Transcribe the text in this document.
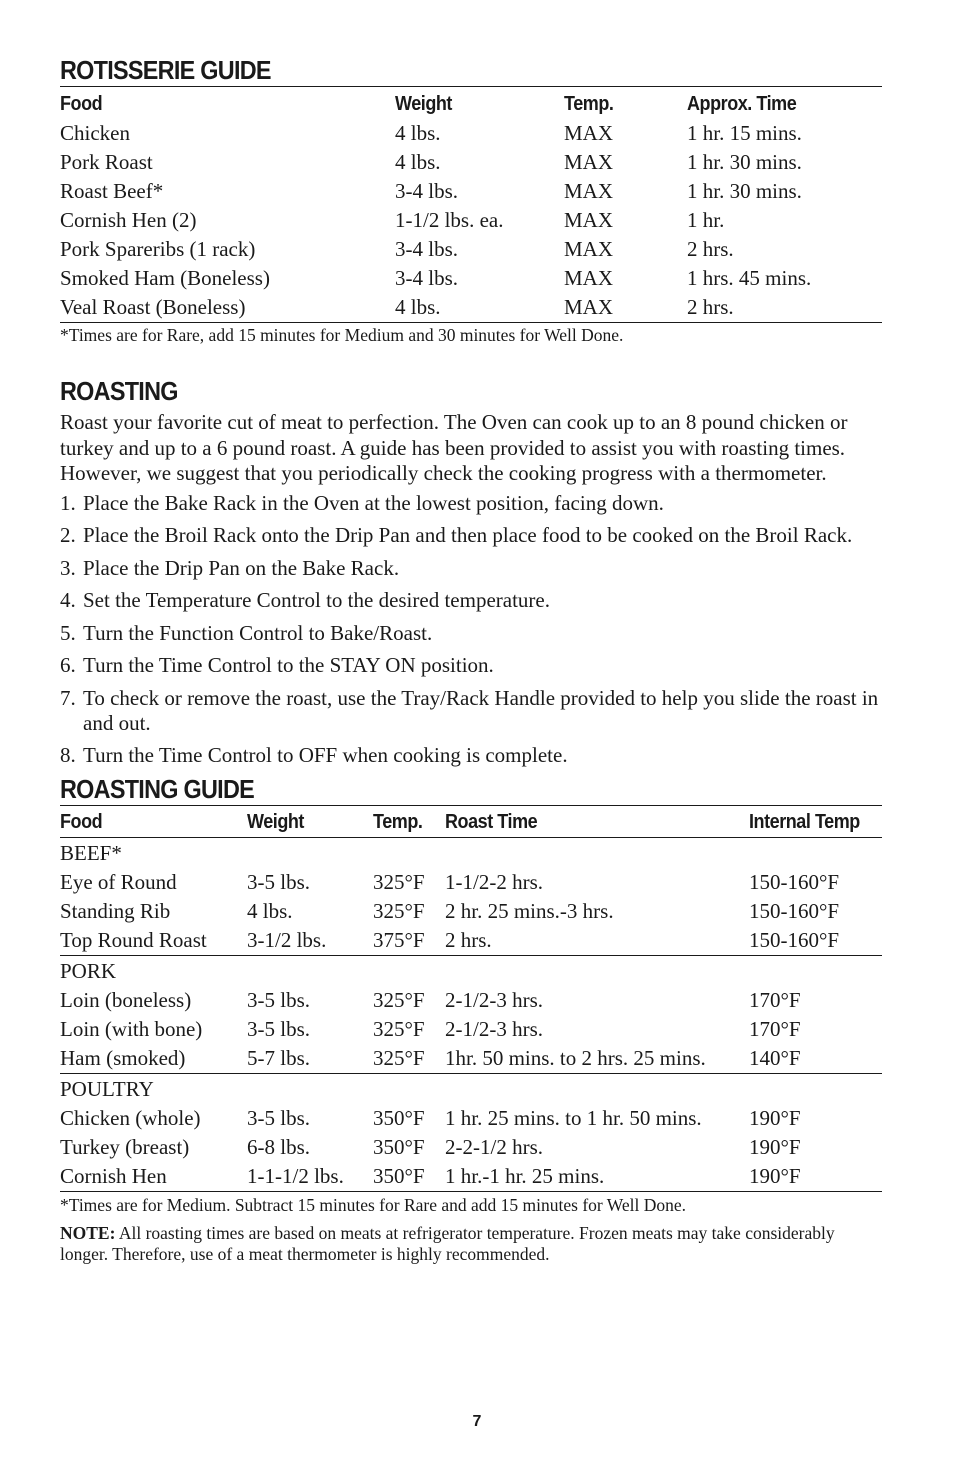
ROTISSERIE GUIDE
Food	Weight	Temp.	Approx. Time
Chicken	4 lbs.	MAX	1 hr. 15 mins.
Pork Roast	4 lbs.	MAX	1 hr. 30 mins.
Roast Beef*	3-4 lbs.	MAX	1 hr. 30 mins.
Cornish Hen (2)	1-1/2 lbs. ea.	MAX	1 hr.
Pork Spareribs (1 rack)	3-4 lbs.	MAX	2 hrs.
Smoked Ham (Boneless)	3-4 lbs.	MAX	1 hrs. 45 mins.
Veal Roast (Boneless)	4 lbs.	MAX	2 hrs.
*Times are for Rare, add 15 minutes for Medium and 30 minutes for Well Done.
ROASTING

Roast your favorite cut of meat to perfection. The Oven can cook up to an 8 pound chicken or turkey and up to a 6 pound roast. A guide has been provided to assist you with roasting times. However, we suggest that you periodically check the cooking progress with a thermometer.

1. Place the Bake Rack in the Oven at the lowest position, facing down.
2. Place the Broil Rack onto the Drip Pan and then place food to be cooked on the Broil Rack.
3. Place the Drip Pan on the Bake Rack.
4. Set the Temperature Control to the desired temperature.
5. Turn the Function Control to Bake/Roast.
6. Turn the Time Control to the STAY ON position.
7. To check or remove the roast, use the Tray/Rack Handle provided to help you slide the roast in and out.
8. Turn the Time Control to OFF when cooking is complete.
ROASTING GUIDE
Food	Weight	Temp.	Roast Time	Internal Temp
BEEF*				
Eye of Round	3-5 lbs.	325°F	1-1/2-2 hrs.	150-160°F
Standing Rib	4 lbs.	325°F	2 hr. 25 mins.-3 hrs.	150-160°F
Top Round Roast	3-1/2 lbs.	375°F	2 hrs.	150-160°F
PORK				
Loin (boneless)	3-5 lbs.	325°F	2-1/2-3 hrs.	170°F
Loin (with bone)	3-5 lbs.	325°F	2-1/2-3 hrs.	170°F
Ham (smoked)	5-7 lbs.	325°F	1hr. 50 mins. to 2 hrs. 25 mins.	140°F
POULTRY				
Chicken (whole)	3-5 lbs.	350°F	1 hr. 25 mins. to 1 hr. 50 mins.	190°F
Turkey (breast)	6-8 lbs.	350°F	2-2-1/2 hrs.	190°F
Cornish Hen	1-1-1/2 lbs.	350°F	1 hr.-1 hr. 25 mins.	190°F
*Times are for Medium. Subtract 15 minutes for Rare and add 15 minutes for Well Done.
NOTE: All roasting times are based on meats at refrigerator temperature. Frozen meats may take considerably longer. Therefore, use of a meat thermometer is highly recommended.
7
